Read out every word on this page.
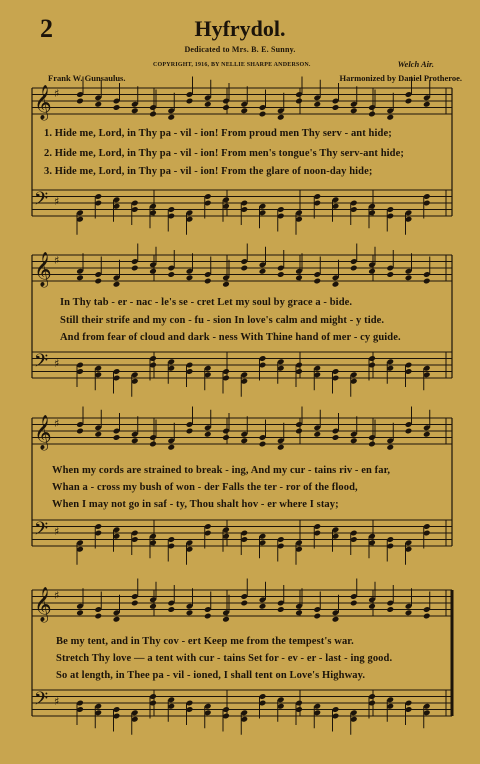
2	Hyfrydol.
Dedicated to Mrs. B. E. Sunny.
COPYRIGHT, 1916, BY NELLIE SHARPE ANDERSON.	Welch Air.
Frank W. Gunsaulus.	Harmonized by Daniel Protheroe.
𝄞 ♯
𝄢 ♯
𝄞 ♯
𝄢 ♯
𝄞 ♯
𝄢 ♯
𝄞 ♯
𝄢 ♯
1. Hide me, Lord, in Thy pa - vil - ion! From proud men Thy serv - ant hide;
2. Hide me, Lord, in Thy pa - vil - ion! From men's tongue's Thy serv-ant hide;
3. Hide me, Lord, in Thy pa - vil - ion! From the glare of noon-day hide;
In Thy tab - er - nac - le's se - cret Let my soul by grace a - bide.
Still their strife and my con - fu - sion In love's calm and might - y tide.
And from fear of cloud and dark - ness With Thine hand of mer - cy guide.
When my cords are strained to break - ing, And my cur - tains riv - en far,
Whan a - cross my bush of won - der Falls the ter - ror of the flood,
When I may not go in saf - ty, Thou shalt hov - er where I stay;
Be my tent, and in Thy cov - ert Keep me from the tempest's war.
Stretch Thy love — a tent with cur - tains Set for - ev - er - last - ing good.
So at length, in Thee pa - vil - ioned, I shall tent on Love's Highway.
